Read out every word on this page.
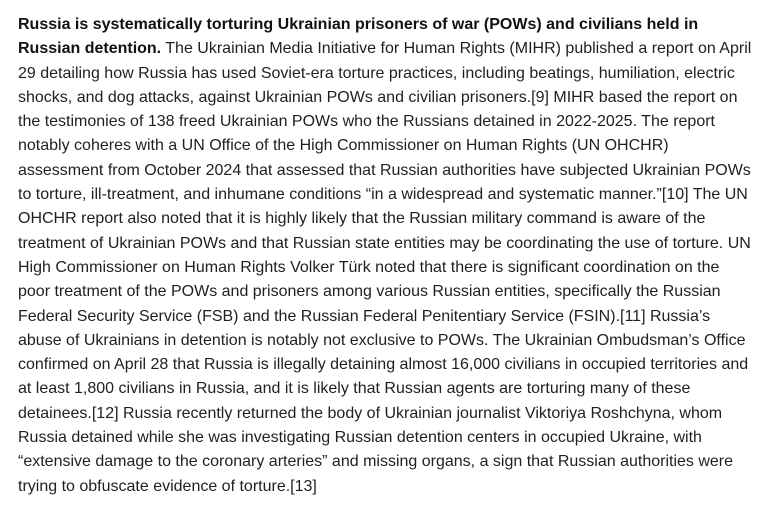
Russia is systematically torturing Ukrainian prisoners of war (POWs) and civilians held in Russian detention. The Ukrainian Media Initiative for Human Rights (MIHR) published a report on April 29 detailing how Russia has used Soviet-era torture practices, including beatings, humiliation, electric shocks, and dog attacks, against Ukrainian POWs and civilian prisoners.[9] MIHR based the report on the testimonies of 138 freed Ukrainian POWs who the Russians detained in 2022-2025. The report notably coheres with a UN Office of the High Commissioner on Human Rights (UN OHCHR) assessment from October 2024 that assessed that Russian authorities have subjected Ukrainian POWs to torture, ill-treatment, and inhumane conditions “in a widespread and systematic manner.”[10] The UN OHCHR report also noted that it is highly likely that the Russian military command is aware of the treatment of Ukrainian POWs and that Russian state entities may be coordinating the use of torture. UN High Commissioner on Human Rights Volker Türk noted that there is significant coordination on the poor treatment of the POWs and prisoners among various Russian entities, specifically the Russian Federal Security Service (FSB) and the Russian Federal Penitentiary Service (FSIN).[11] Russia’s abuse of Ukrainians in detention is notably not exclusive to POWs. The Ukrainian Ombudsman’s Office confirmed on April 28 that Russia is illegally detaining almost 16,000 civilians in occupied territories and at least 1,800 civilians in Russia, and it is likely that Russian agents are torturing many of these detainees.[12] Russia recently returned the body of Ukrainian journalist Viktoriya Roshchyna, whom Russia detained while she was investigating Russian detention centers in occupied Ukraine, with “extensive damage to the coronary arteries” and missing organs, a sign that Russian authorities were trying to obfuscate evidence of torture.[13]
